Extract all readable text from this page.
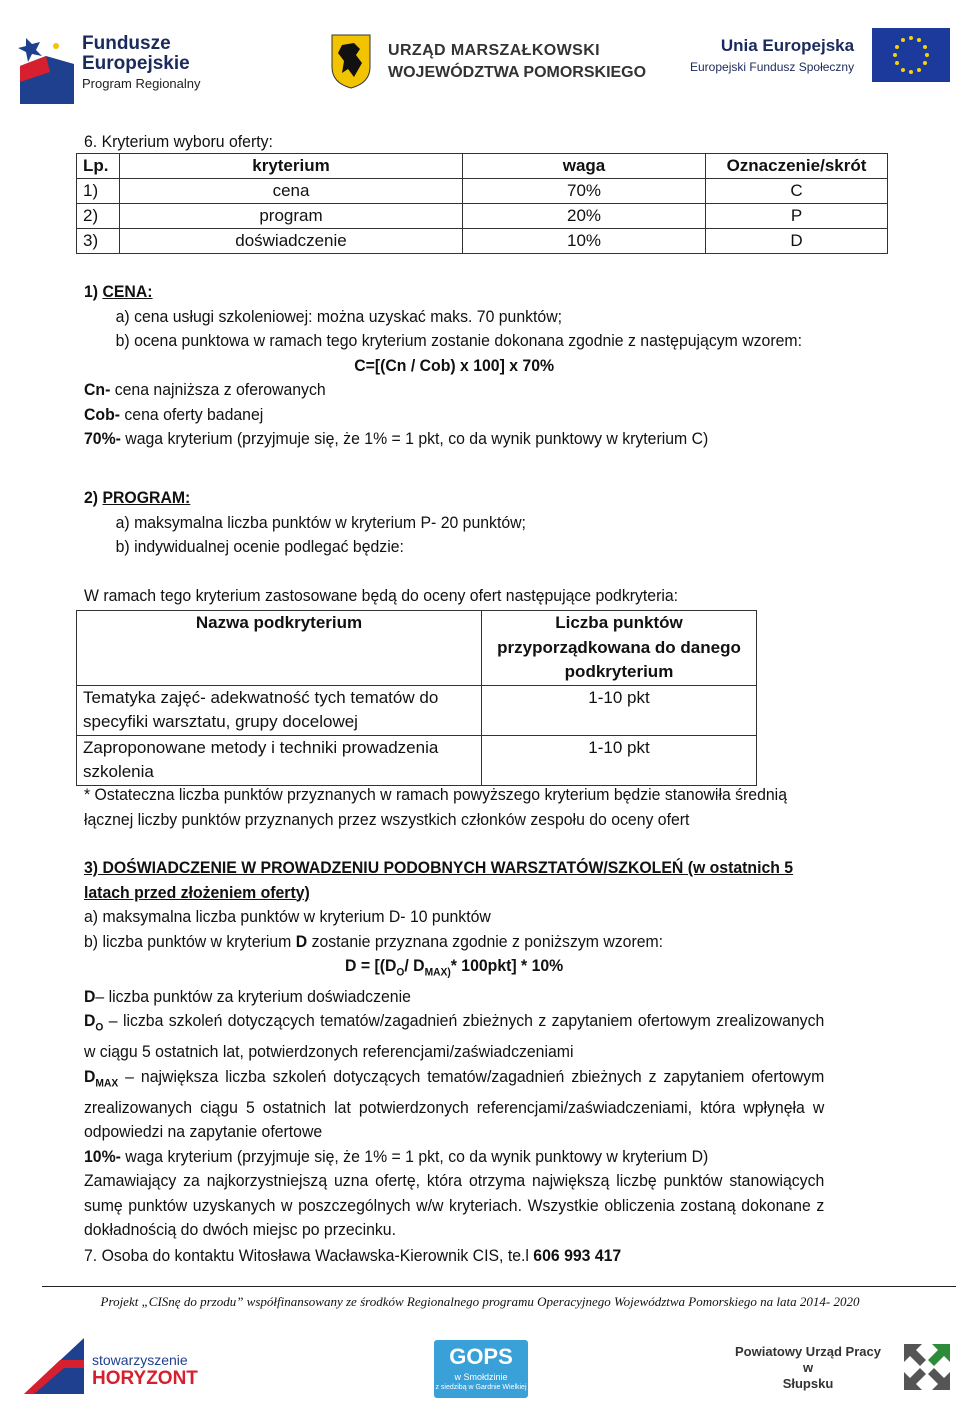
Fundusze
Europejskie
Program Regionalny
URZĄD MARSZAŁKOWSKI
WOJEWÓDZTWA POMORSKIEGO
Unia Europejska
Europejski Fundusz Społeczny

6. Kryterium wyboru oferty:

Lp.	kryterium	waga	Oznaczenie/skrót
1)	cena	70%	C
2)	program	20%	P
3)	doświadczenie	10%	D

1) CENA:

a) cena usługi szkoleniowej: można uzyskać maks. 70 punktów;

b) ocena punktowa w ramach tego kryterium zostanie dokonana zgodnie z następującym wzorem:

C=[(Cn / Cob) x 100] x 70%

Cn- cena najniższa z oferowanych

Cob- cena oferty badanej

70%- waga kryterium (przyjmuje się, że 1% = 1 pkt, co da wynik punktowy w kryterium C)

2) PROGRAM:

a) maksymalna liczba punktów w kryterium P- 20 punktów;

b) indywidualnej ocenie podlegać będzie:

W ramach tego kryterium zastosowane będą do oceny ofert następujące podkryteria:

Nazwa podkryterium	Liczba punktów przyporządkowana do danego podkryterium
Tematyka zajęć- adekwatność tych tematów do specyfiki warsztatu, grupy docelowej	1-10 pkt
Zaproponowane metody i techniki prowadzenia szkolenia	1-10 pkt

* Ostateczna liczba punktów przyznanych w ramach powyższego kryterium będzie stanowiła średnią łącznej liczby punktów przyznanych przez wszystkich członków zespołu do oceny ofert

3) DOŚWIADCZENIE W PROWADZENIU PODOBNYCH WARSZTATÓW/SZKOLEŃ (w ostatnich 5 latach przed złożeniem oferty)

a) maksymalna liczba punktów w kryterium D- 10 punktów

b) liczba punktów w kryterium D zostanie przyznana zgodnie z poniższym wzorem:

$D = [(D_O/$ $D_{MAX)}*$ 100pkt] * 10%

D– liczba punktów za kryterium doświadczenie

$D_O$ – liczba szkoleń dotyczących tematów/zagadnień zbieżnych z zapytaniem ofertowym zrealizowanych w ciągu 5 ostatnich lat, potwierdzonych referencjami/zaświadczeniami

$D_{MAX}$ – największa liczba szkoleń dotyczących tematów/zagadnień zbieżnych z zapytaniem ofertowym zrealizowanych ciągu 5 ostatnich lat potwierdzonych referencjami/zaświadczeniami, która wpłynęła w odpowiedzi na zapytanie ofertowe

10%- waga kryterium (przyjmuje się, że 1% = 1 pkt, co da wynik punktowy w kryterium D)

Zamawiający za najkorzystniejszą uzna ofertę, która otrzyma największą liczbę punktów stanowiących sumę punktów uzyskanych w poszczególnych w/w kryteriach. Wszystkie obliczenia zostaną dokonane z dokładnością do dwóch miejsc po przecinku.

7. Osoba do kontaktu Witosława Wacławska-Kierownik CIS, te.l 606 993 417

Projekt „CISnę do przodu” współfinansowany ze środków Regionalnego programu Operacyjnego Województwa Pomorskiego na lata 2014- 2020
stowarzyszenie
HORYZONT
GOPS
w Smołdzinie
z siedzibą w Gardnie Wielkiej
Powiatowy Urząd Pracy
w
Słupsku
